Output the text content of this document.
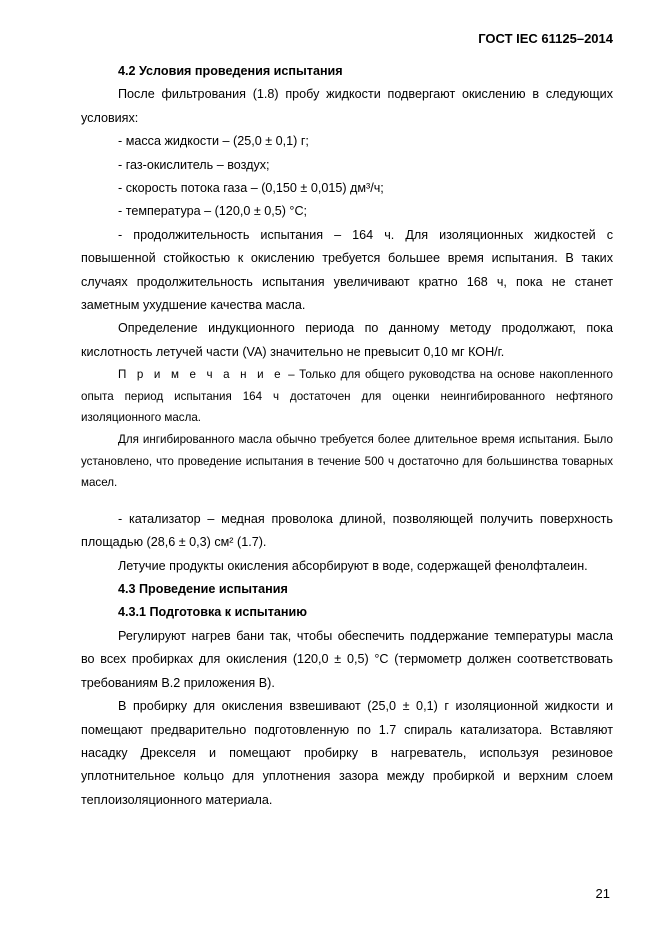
ГОСТ IEC 61125–2014

4.2 Условия проведения испытания

После фильтрования (1.8) пробу жидкости подвергают окислению в следующих условиях:

- масса жидкости – (25,0 ± 0,1) г;

- газ-окислитель – воздух;

- скорость потока газа – (0,150 ± 0,015) дм³/ч;

- температура – (120,0 ± 0,5) °С;

- продолжительность испытания – 164 ч. Для изоляционных жидкостей с повышенной стойкостью к окислению требуется большее время испытания. В таких случаях продолжительность испытания увеличивают кратно 168 ч, пока не станет заметным ухудшение качества масла.

Определение индукционного периода по данному методу продолжают, пока кислотность летучей части (VA) значительно не превысит 0,10 мг КОН/г.

П р и м е ч а н и е – Только для общего руководства на основе накопленного опыта период испытания 164 ч достаточен для оценки неингибированного нефтяного изоляционного масла.

Для ингибированного масла обычно требуется более длительное время испытания. Было установлено, что проведение испытания в течение 500 ч достаточно для большинства товарных масел.

- катализатор – медная проволока длиной, позволяющей получить поверхность площадью (28,6 ± 0,3) см² (1.7).

Летучие продукты окисления абсорбируют в воде, содержащей фенолфталеин.

4.3 Проведение испытания

4.3.1 Подготовка к испытанию

Регулируют нагрев бани так, чтобы обеспечить поддержание температуры масла во всех пробирках для окисления (120,0 ± 0,5) °С (термометр должен соответствовать требованиям В.2 приложения В).

В пробирку для окисления взвешивают (25,0 ± 0,1) г изоляционной жидкости и помещают предварительно подготовленную по 1.7 спираль катализатора. Вставляют насадку Дрекселя и помещают пробирку в нагреватель, используя резиновое уплотнительное кольцо для уплотнения зазора между пробиркой и верхним слоем теплоизоляционного материала.

21
